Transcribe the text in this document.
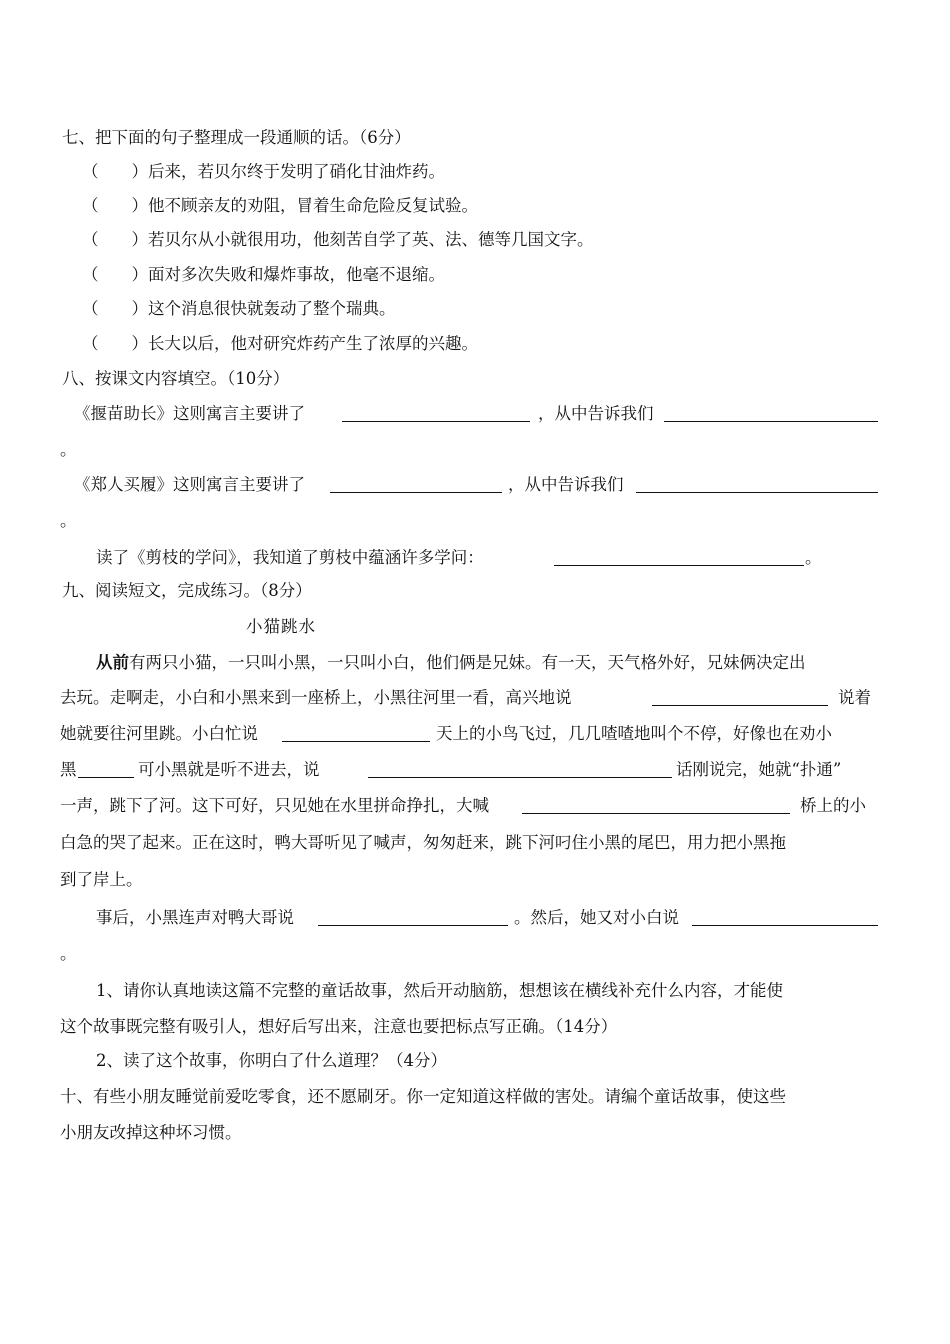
七、把下面的句子整理成一段通顺的话。（6分）
（　　）后来，若贝尔终于发明了硝化甘油炸药。
（　　）他不顾亲友的劝阻，冒着生命危险反复试验。
（　　）若贝尔从小就很用功，他刻苦自学了英、法、德等几国文字。
（　　）面对多次失败和爆炸事故，他毫不退缩。
（　　）这个消息很快就轰动了整个瑞典。
（　　）长大以后，他对研究炸药产生了浓厚的兴趣。
八、按课文内容填空。（10分）
《揠苗助长》这则寓言主要讲了	，从中告诉我们
。
《郑人买履》这则寓言主要讲了	，从中告诉我们
。
读了《剪枝的学问》，我知道了剪枝中蕴涵许多学问：	。
九、阅读短文，完成练习。（8分）
小猫跳水
从前有两只小猫，一只叫小黑，一只叫小白，他们俩是兄妹。有一天，天气格外好，兄妹俩决定出
去玩。走啊走，小白和小黑来到一座桥上，小黑往河里一看，高兴地说	说着
她就要往河里跳。小白忙说	天上的小鸟飞过，几几喳喳地叫个不停，好像也在劝小
黑	可小黑就是听不进去，说	话刚说完，她就“扑通”
一声，跳下了河。这下可好，只见她在水里拼命挣扎，大喊	桥上的小
白急的哭了起来。正在这时，鸭大哥听见了喊声，匆匆赶来，跳下河叼住小黑的尾巴，用力把小黑拖
到了岸上。
事后，小黑连声对鸭大哥说	。然后，她又对小白说
。
1、请你认真地读这篇不完整的童话故事，然后开动脑筋，想想该在横线补充什么内容，才能使
这个故事既完整有吸引人，想好后写出来，注意也要把标点写正确。（14分）
2、读了这个故事，你明白了什么道理？（4分）
十、有些小朋友睡觉前爱吃零食，还不愿刷牙。你一定知道这样做的害处。请编个童话故事，使这些
小朋友改掉这种坏习惯。
